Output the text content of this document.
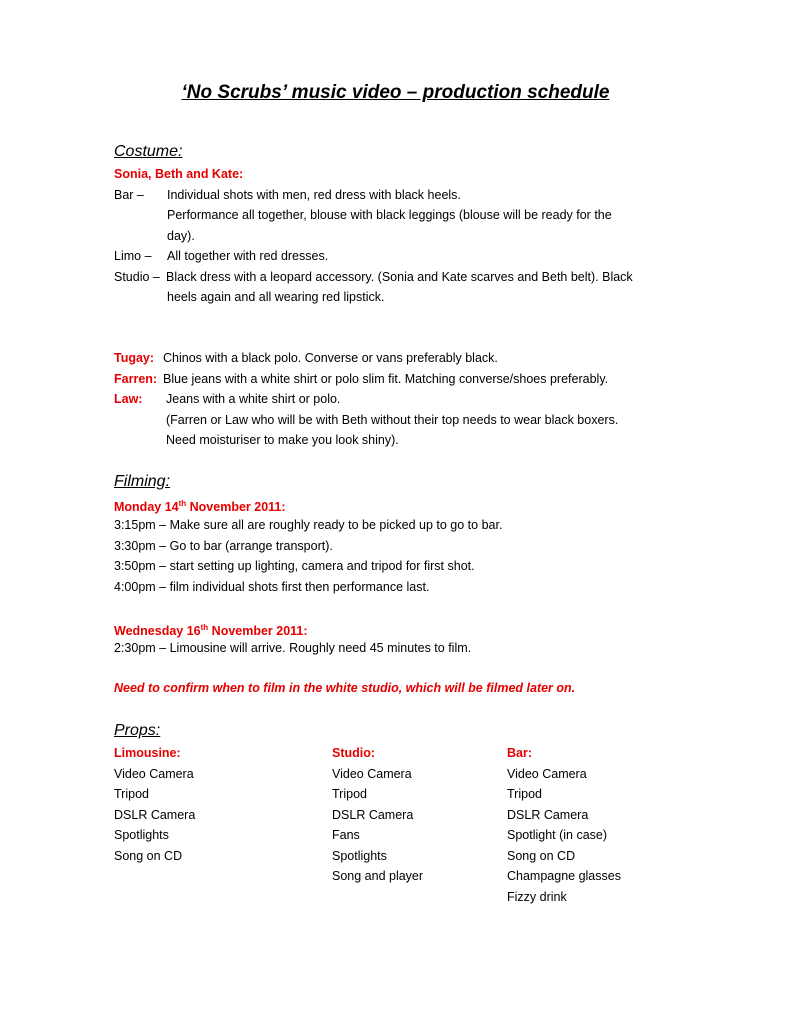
‘No Scrubs’ music video – production schedule
Costume:
Sonia, Beth and Kate:
Bar – Individual shots with men, red dress with black heels.
Performance all together, blouse with black leggings (blouse will be ready for the
day).
Limo – All together with red dresses.
Studio – Black dress with a leopard accessory. (Sonia and Kate scarves and Beth belt). Black
heels again and all wearing red lipstick.
Tugay: Chinos with a black polo. Converse or vans preferably black.
Farren: Blue jeans with a white shirt or polo slim fit. Matching converse/shoes preferably.
Law: Jeans with a white shirt or polo.
(Farren or Law who will be with Beth without their top needs to wear black boxers.
Need moisturiser to make you look shiny).
Filming:
Monday 14th November 2011:
3:15pm – Make sure all are roughly ready to be picked up to go to bar.
3:30pm – Go to bar (arrange transport).
3:50pm – start setting up lighting, camera and tripod for first shot.
4:00pm – film individual shots first then performance last.
Wednesday 16th November 2011:
2:30pm – Limousine will arrive. Roughly need 45 minutes to film.
Need to confirm when to film in the white studio, which will be filmed later on.
Props:
Limousine:
Video Camera
Tripod
DSLR Camera
Spotlights
Song on CD
Studio:
Video Camera
Tripod
DSLR Camera
Fans
Spotlights
Song and player
Bar:
Video Camera
Tripod
DSLR Camera
Spotlight (in case)
Song on CD
Champagne glasses
Fizzy drink
